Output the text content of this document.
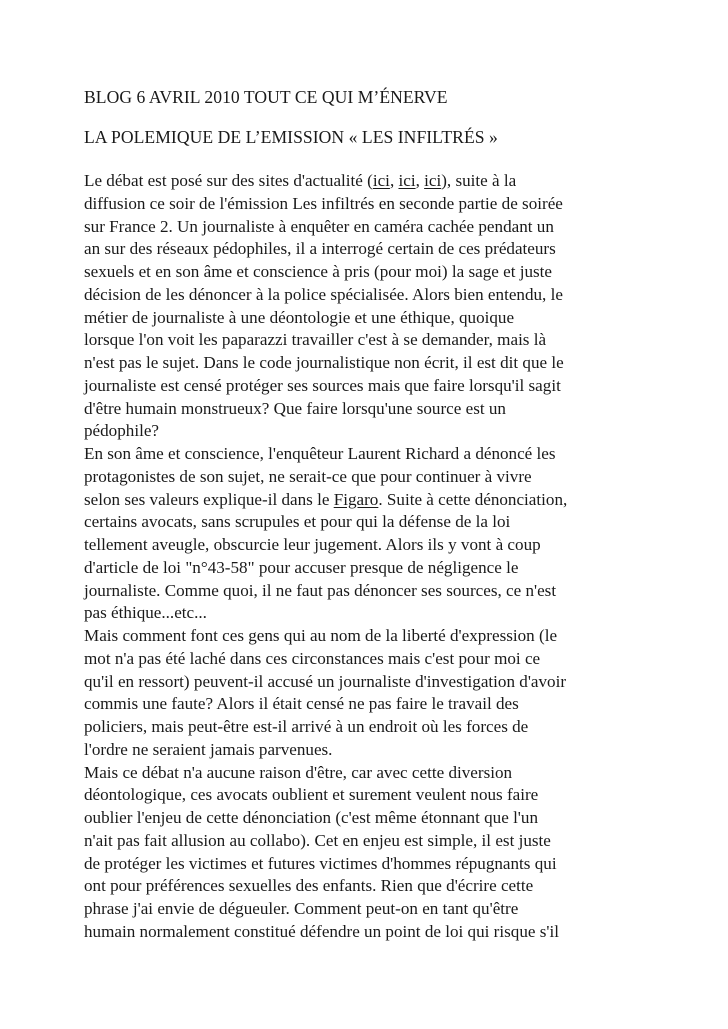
BLOG 6 AVRIL 2010 TOUT CE QUI M’ÉNERVE
LA POLEMIQUE DE L’EMISSION « LES INFILTRÉS »
Le débat est posé sur des sites d'actualité (ici, ici, ici), suite à la
diffusion ce soir de l'émission Les infiltrés en seconde partie de soirée
sur France 2. Un journaliste à enquêter en caméra cachée pendant un
an sur des réseaux pédophiles, il a interrogé certain de ces prédateurs
sexuels et en son âme et conscience à pris (pour moi) la sage et juste
décision de les dénoncer à la police spécialisée. Alors bien entendu, le
métier de journaliste à une déontologie et une éthique, quoique
lorsque l'on voit les paparazzi travailler c'est à se demander, mais là
n'est pas le sujet. Dans le code journalistique non écrit, il est dit que le
journaliste est censé protéger ses sources mais que faire lorsqu'il sagit
d'être humain monstrueux? Que faire lorsqu'une source est un
pédophile?
En son âme et conscience, l'enquêteur Laurent Richard a dénoncé les
protagonistes de son sujet, ne serait-ce que pour continuer à vivre
selon ses valeurs explique-il dans le Figaro. Suite à cette dénonciation,
certains avocats, sans scrupules et pour qui la défense de la loi
tellement aveugle, obscurcie leur jugement. Alors ils y vont à coup
d'article de loi "n°43-58" pour accuser presque de négligence le
journaliste. Comme quoi, il ne faut pas dénoncer ses sources, ce n'est
pas éthique...etc...
Mais comment font ces gens qui au nom de la liberté d'expression (le
mot n'a pas été laché dans ces circonstances mais c'est pour moi ce
qu'il en ressort) peuvent-il accusé un journaliste d'investigation d'avoir
commis une faute? Alors il était censé ne pas faire le travail des
policiers, mais peut-être est-il arrivé à un endroit où les forces de
l'ordre ne seraient jamais parvenues.
Mais ce débat n'a aucune raison d'être, car avec cette diversion
déontologique, ces avocats oublient et surement veulent nous faire
oublier l'enjeu de cette dénonciation (c'est même étonnant que l'un
n'ait pas fait allusion au collabo). Cet en enjeu est simple, il est juste
de protéger les victimes et futures victimes d'hommes répugnants qui
ont pour préférences sexuelles des enfants. Rien que d'écrire cette
phrase j'ai envie de dégueuler. Comment peut-on en tant qu'être
humain normalement constitué défendre un point de loi qui risque s'il
